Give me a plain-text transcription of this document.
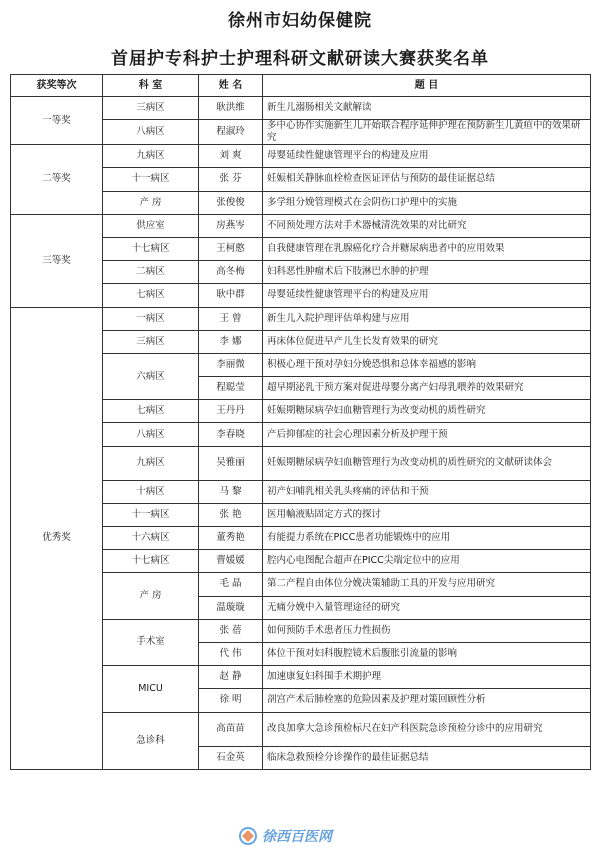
徐州市妇幼保健院
首届护专科护士护理科研文献研读大赛获奖名单
获奖等次	科 室	姓 名	题 目
一等奖	三病区	耿洪维	新生儿溺肠相关文献解读
	八病区	程淑玲	多中心协作实施新生儿开始联合程序延伸护理在预防新生儿黄疸中的效果研究
二等奖	九病区	刘 爽	母婴延续性健康管理平台的构建及应用
	十一病区	张 芬	妊娠相关静脉血栓检查医证评估与预防的最佳证据总结
	产 房	张俊俊	多学组分娩管理模式在会阴伤口护理中的实施
三等奖	供应室	房燕岑	不同预处理方法对手术器械清洗效果的对比研究
	十七病区	王柯憨	自我健康管理在乳腺癌化疗合并糖尿病患者中的应用效果
	二病区	高冬梅	妇科恶性肿瘤术后下肢淋巴水肿的护理
	七病区	耿中群	母婴延续性健康管理平台的构建及应用
优秀奖	一病区	王 曾	新生儿入院护理评估单构建与应用
	三病区	李 娜	再床体位促进早产儿生长发育效果的研究
	六病区	李丽微	积极心理干预对孕妇分娩恐惧和总体幸福感的影响
		程聪莹	超早期泌乳干预方案对促进母婴分离产妇母乳喂养的效果研究
	七病区	王丹丹	妊娠期糖尿病孕妇血糖管理行为改变动机的质性研究
	八病区	李春晓	产后抑郁症的社会心理因素分析及护理干预
	九病区	吴雅丽	妊娠期糖尿病孕妇血糖管理行为改变动机的质性研究的文献研读体会
	十病区	马 黎	初产妇哺乳相关乳头疼痛的评估和干预
	十一病区	张 艳	医用輸液贴固定方式的探讨
	十六病区	董秀艳	有能提力系统在PICC患者功能锻炼中的应用
	十七病区	曹媛媛	腔内心电图配合超声在PICC尖端定位中的应用
	产 房	毛 晶	第二产程自由体位分娩决策辅助工具的开发与应用研究
		温璇璇	无痛分娩中入量管理途径的研究
	手术室	张 蓓	如何预防手术患者压力性损伤
		代 伟	体位干预对妇科腹腔镜术后腹胀引流量的影响
	MICU	赵 静	加速康复妇科围手术期护理
		徐 明	剖宫产术后肺栓塞的危险因素及护理对策回顾性分析
	急诊科	高苗苗	改良加拿大急诊预检标尺在妇产科医院急诊预检分诊中的应用研究
		石金英	临床急救预检分诊操作的最佳证据总结
徐西百医网
